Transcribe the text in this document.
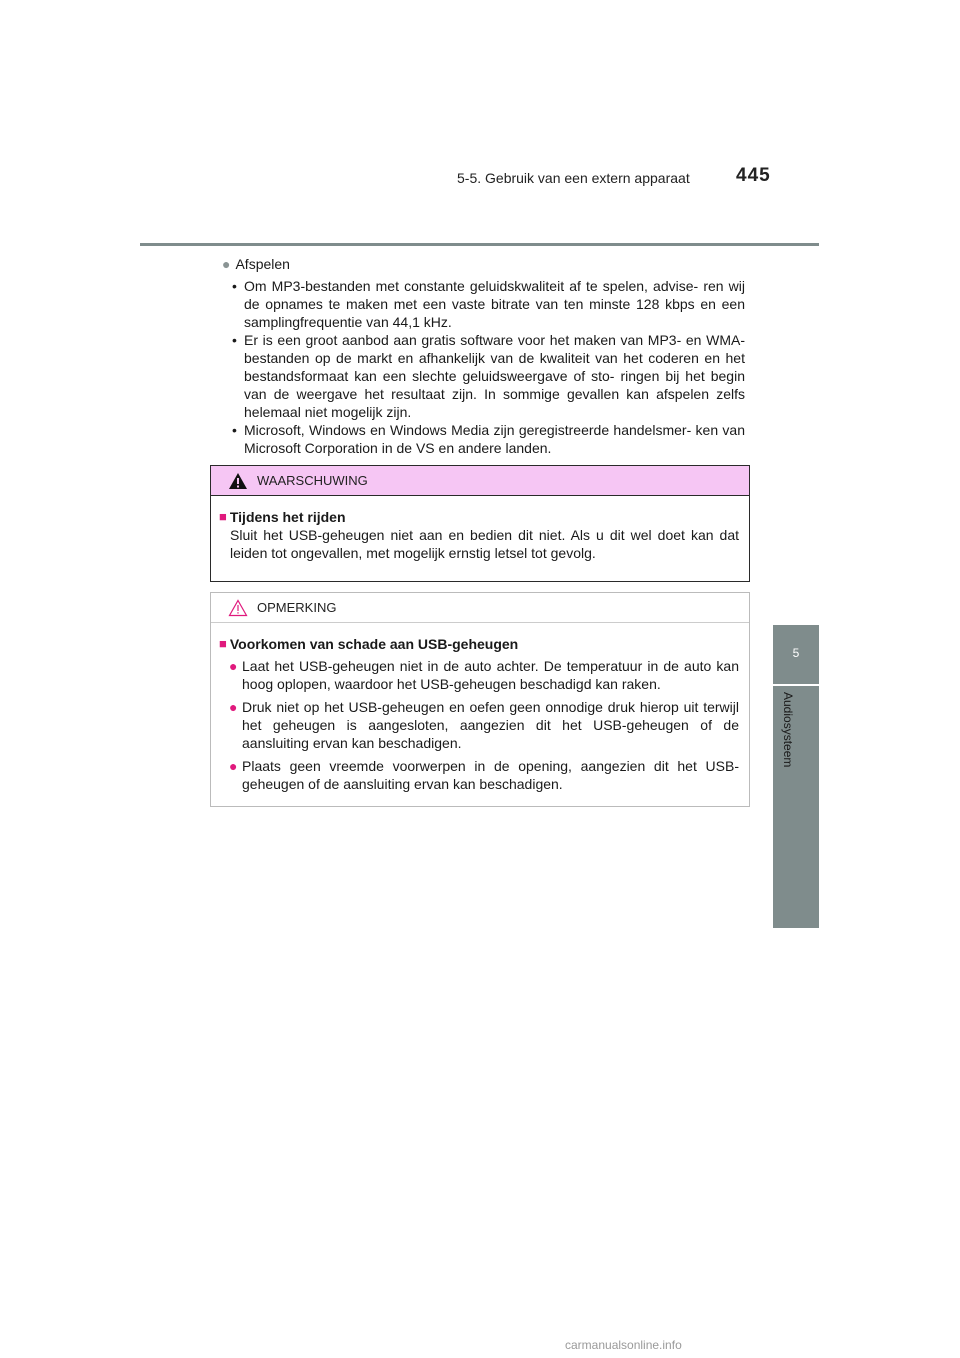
5-5. Gebruik van een extern apparaat 445
5
Audiosysteem
● Afspelen
• Om MP3-bestanden met constante geluidskwaliteit af te spelen, advise- ren wij de opnames te maken met een vaste bitrate van ten minste 128 kbps en een samplingfrequentie van 44,1 kHz.
• Er is een groot aanbod aan gratis software voor het maken van MP3- en WMA-bestanden op de markt en afhankelijk van de kwaliteit van het coderen en het bestandsformaat kan een slechte geluidsweergave of sto- ringen bij het begin van de weergave het resultaat zijn. In sommige gevallen kan afspelen zelfs helemaal niet mogelijk zijn.
• Microsoft, Windows en Windows Media zijn geregistreerde handelsmer- ken van Microsoft Corporation in de VS en andere landen.
WAARSCHUWING
■ Tijdens het rijden
Sluit het USB-geheugen niet aan en bedien dit niet. Als u dit wel doet kan dat leiden tot ongevallen, met mogelijk ernstig letsel tot gevolg.
OPMERKING
■ Voorkomen van schade aan USB-geheugen
● Laat het USB-geheugen niet in de auto achter. De temperatuur in de auto kan hoog oplopen, waardoor het USB-geheugen beschadigd kan raken.
● Druk niet op het USB-geheugen en oefen geen onnodige druk hierop uit terwijl het geheugen is aangesloten, aangezien dit het USB-geheugen of de aansluiting ervan kan beschadigen.
● Plaats geen vreemde voorwerpen in de opening, aangezien dit het USB- geheugen of de aansluiting ervan kan beschadigen.
carmanualsonline.info
